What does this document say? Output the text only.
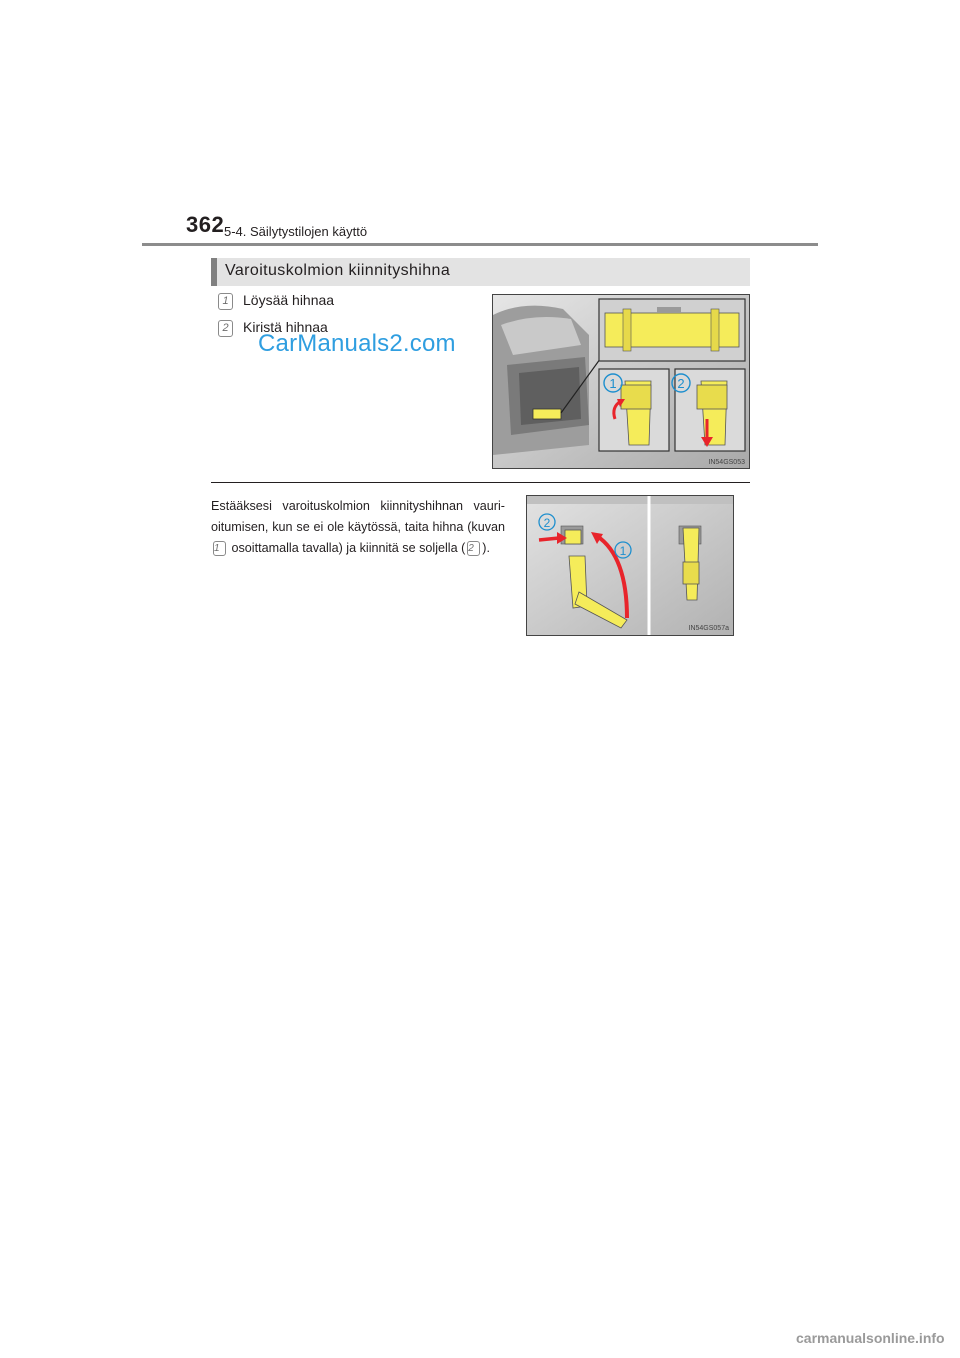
362 5-4. Säilytystilojen käyttö
Varoituskolmion kiinnityshihna
1 Löysää hihnaa
2 Kiristä hihnaa
CarManuals2.com
1	2
IN54GS053
Estääksesi varoituskolmion kiinnityshihnan vauri-oitumisen, kun se ei ole käytössä, taita hihna (kuvan 1 osoittamalla tavalla) ja kiinnitä se soljella ( 2 ).
2
1
IN54GS057a
carmanualsonline.info
